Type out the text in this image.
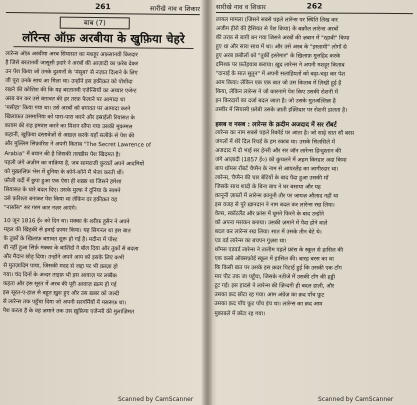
261	सारीखे नाव व शिकार
बाब (7)
लॉरेन्स ऑफ़ अरबीया के खुफ़िया चेहरे
लारेन्स ऑफ़ अरबीया अरब सियासत का मशहूर अफ़सानवी किरदार
है जिसे बरतानवी जासूसी इदारे ने अरबों की आज़ादी का फ़रेब देकर
उन पेश किया जो उनके दुश्मनों के 'मंसूबा' से नज़ात दिलाने के लिए
जी पूरा उनके साथ आ मिला था। उन्होंने इस हकीक़त को पोशीदा
रखने की कोशिश की कि यह बरतानवी एजेन्सियों का अय्यार एजेन्ट
अरब बन कर उसे बग़ावत की हर तरफ़ फैलाने पर आमादा था
'मसीहा' किया गया था। उसे अरबों को बगावत पर आमादा करने
खिलाफ़त उसमानिया को पारा-पारा करने और इस्राईली रियासत के
कायम की राह हमवार करने का मिशन सौंपा गया उसकी मुकम्मल
कहानी, खुफ़िया दस्तावेज़ों से अख़ज़ करके यहाँ सलीक़े से पेश की
और मुल्लिम सिफ़ारिश ने अपनी किताब "The Secret Lawrence of
Arabia" में बयान की है जिसकी तल्ख़ीस पेश खिदमत है।
पहली जंगे अज़ीम का वाक़िया है, जब सामराजी कुव्वतें अपने आदमियों
को मुख़्तलिफ़ भेस में दुनिया के कोने-कोने में भेजा करती थीं।
फ़ौजी वर्दी में छुपा हुआ एक ऐसा ही शख़्स था जिसने हमेशा
सियासत के धारे बदल दिए। उसके मुल्क ने दुनिया के सामने
उसे फ़रिश्ता बनाकर पेश किया था लेकिन दर हक़ीक़त वह
"नासाँस" सर गरम कार नज़र आएंगे।
10 जून 1816 ई० को दिन था। मक्का के शरीफ़ हुसैन ने अपने
महल की खिड़की से हवाई फ़ायर किया। यह सिगनल था इस बात
के तुर्कों के खिलाफ़ बग़ावत शुरू हो गई है। मदीना में पोस्ट
बी नहीं हुआ सिर्फ़ मक्का के बाशिंदों ने बोल दिया और तुर्कों से बदला
और मैदान छोड़ दिया। उन्होंने अपने आप को इसके लिए कभी
से मुतज़ादिम पाया, जिसकी मदद से जद्दा पर भी क़ब्ज़ा हो
गया। चंद दिनों के अन्दर ताइफ़ भी इस आवाज़ पर लब्बैक
कहता और इस सूरत में अरब की पूरी आवाज़ ख़त्म हो गई
इस सूरत-ए-हाल से बहुत ख़ुश हुए और उस ख़बर को जल्दी
से लारेन्स तक पहुँचा दिया जो अपनी सरगर्मियों में मसरूफ़ था।
पेश करता है के वह ज़माने तक उस ख़ुफ़िया एजेन्सी की मुलाज़िमत
सारीखे नाव व शिकार	262
लायल मामला (जिसने सबसे पहले लारेन्स पर स्थिति लिख कर
अजीम हीरो की हैसियत से पेश किया) के बक़ौल लारेन्स अरबों
की तरफ़ से बाग़ी बन गया जिसने अरबों की ज़बान में "रहाबी" किया
हुए था और सारा साथ में था। और उसे अरब के "इस्लामी" लोगों से
हुए अरब क़बीलों को "तुर्की इस्तेमार" के ख़िलाफ़ मुत्तहिद करके
दमिश्क पर फ़तेहयाब कराया। ख़ुद लारेन्स ने अपनी मशहूर किताब
"दानाई के सात सुतून" में अपनी सलाहियतों को बढ़ा-चढ़ा कर पेश
आम किया। लेकिन एक एक बात जो उस किताब में लिखी हुई है
किया, लेकिन लारेन्स ने जो कारनामे पेश किए उसकी रोशनी में
इन किरदारों का दर्जा बदल जाता है। जो उसके मुतअल्लिक़ है
तस्वीर में सियासी फ़रेबी उसके ज़ाती इक़्तिदार पर रोशनी डालता है।
हसब व नसब : लारेन्स के क़दीम अजदाद में सर रॉबर्ट
लारेन्स का नाम सबसे पहले रिकॉर्ड पर आता है। जो साढ़े सात सौ बरस
जंगलों में शेरे दिल रिचर्ड के हम रकाब था। उसके सिलसिले में
अजदाद में दो भाई सर हेनरी और सर जॉन लारेन्स हिन्दुस्तान की
जंगे आज़ादी (1857 ई०) को कुचलने में अहम किरदार अदा किया
बाप थॉमस रॉबर्ट चैप्मैन के नाम से आयरलैंड का जागीरदार था।
लारेन्स, चैप्मैन की चार बेटियों के बाद पैदा हुआ उसकी माँ
जिसके साथ शादी के बिना बाप ने घर बसाया और यह
क़ानूनी ज़ाब्तों में लारेन्स क़ानूनी तौर पर जायज़ औलाद नहीं था
इस वजह से पूरे ख़ानदान ने नाम बदल कर लारेन्स रख लिया।
वेल्स, स्कॉटलैंड और फ्रांस में घूमने फिरने के बाद उन्होंने
को अपना मसकन बनाया। उसकी ज़माने में पैदा होने वाले
बदल कर लारेन्स रख लिया। सात में उसके तीन बेटे थे।
एड वर्ड लारेन्स का बचपन गुज़रा था।
थॉमस एडवर्ड लारेन्स ने तालीम पहले फ्रांस के स्कूल से हासिल की
एक कस्बे ऑक्सफ़ोर्ड स्कूल में हासिल की। बारह बरस का था
कि किसी बात पर उसके इस क़दर पिटाई हुई कि उसकी एक टाँग
मार पीट तक जा पहुँचा, जिसके नतीजे में उसकी टाँग की हड्डी
टूट गई। इस हादसे ने लारेन्स की ज़िन्दगी ही बदल डाली, और
उसका क़द छोटा रह गया। आम अंग्रेज़ का क़द पाँच फ़ुट
उसका क़द पाँच फ़ुट पाँच इंच था। लारेन्स का क़द आम
मुक़ाबले में छोटा रह गया।
Scanned by CamScanner	Scanned by CamScanner
